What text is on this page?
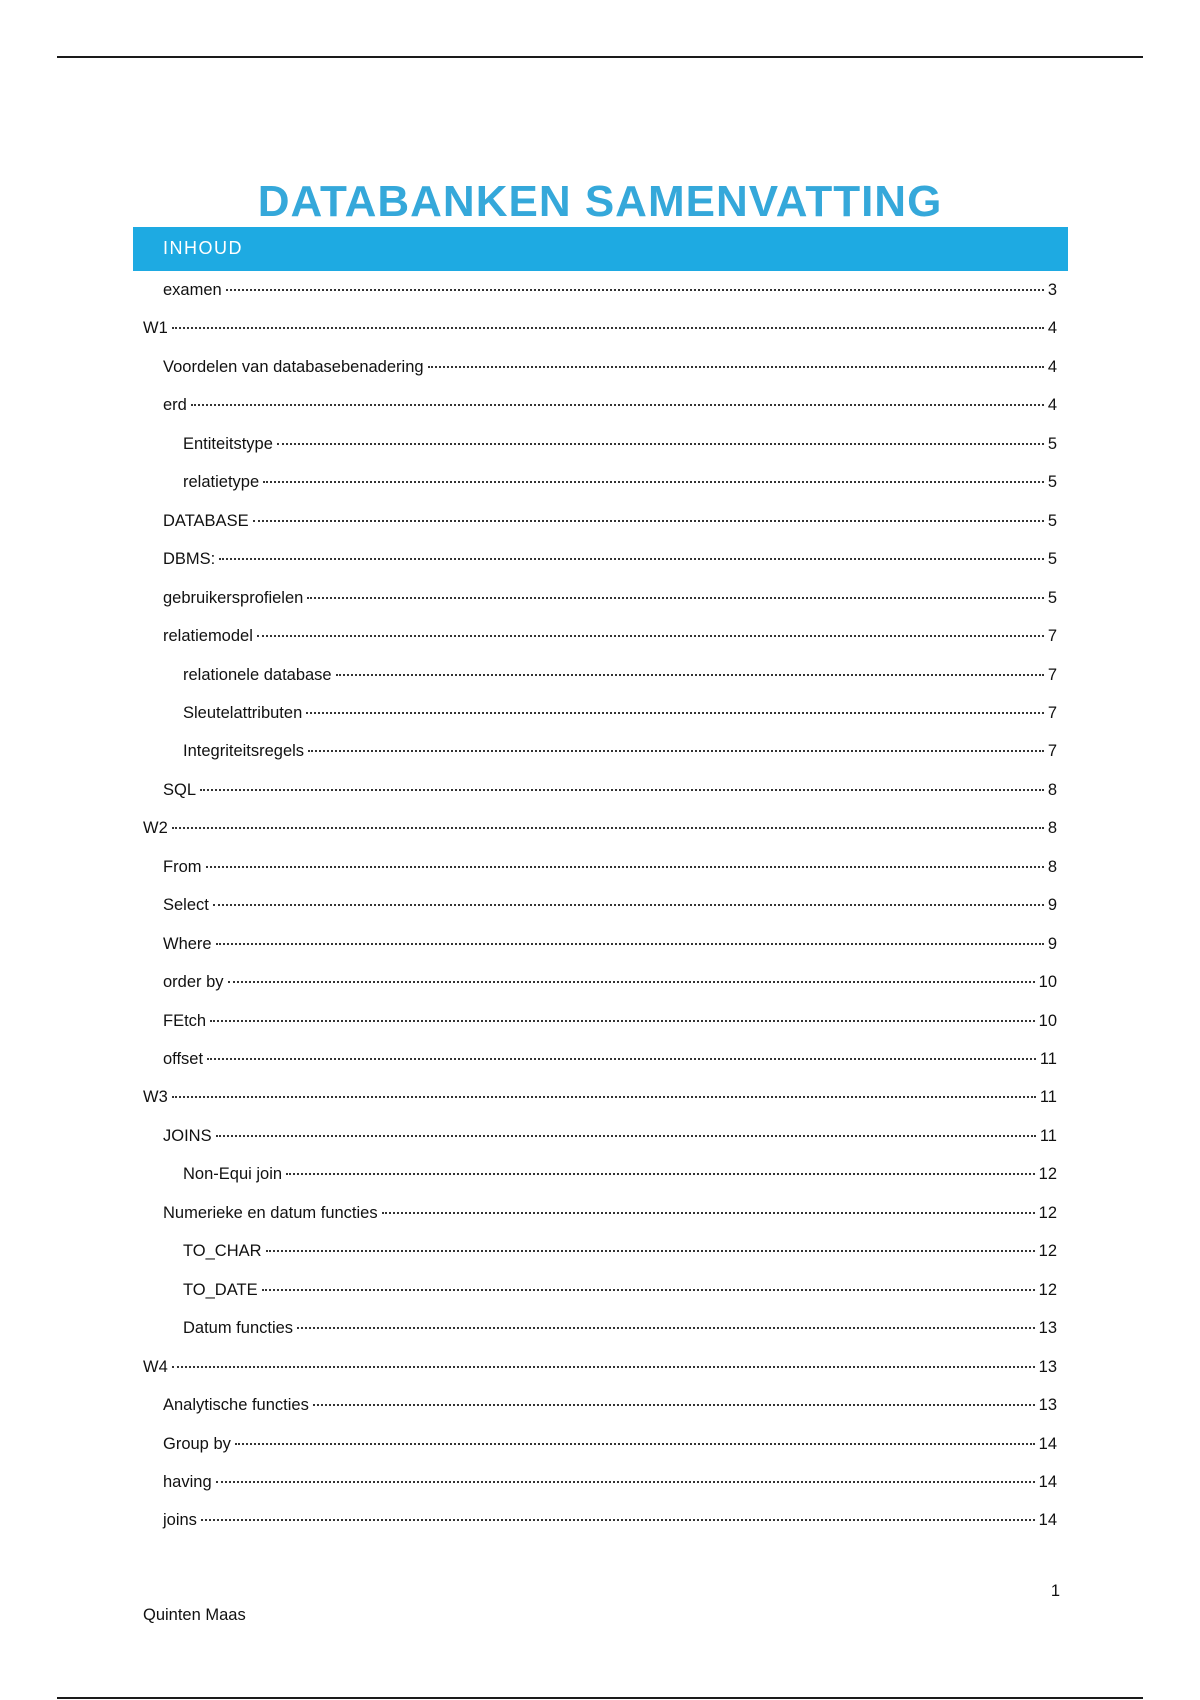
DATABANKEN SAMENVATTING
INHOUD
examen	3
W1	4
Voordelen van databasebenadering	4
erd	4
Entiteitstype	5
relatietype	5
DATABASE	5
DBMS:	5
gebruikersprofielen	5
relatiemodel	7
relationele database	7
Sleutelattributen	7
Integriteitsregels	7
SQL	8
W2	8
From	8
Select	9
Where	9
order by	10
FEtch	10
offset	11
W3	11
JOINS	11
Non-Equi join	12
Numerieke en datum functies	12
TO_CHAR	12
TO_DATE	12
Datum functies	13
W4	13
Analytische functies	13
Group by	14
having	14
joins	14
1
Quinten Maas
